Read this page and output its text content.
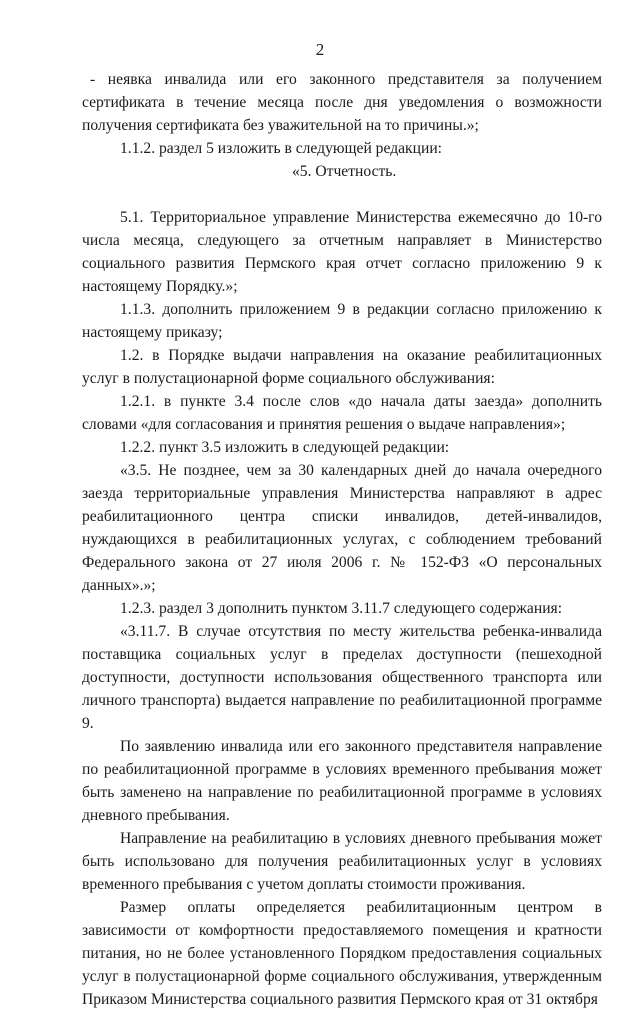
2

- неявка инвалида или его законного представителя за получением сертификата в течение месяца после дня уведомления о возможности получения сертификата без уважительной на то причины.»;

1.1.2. раздел 5 изложить в следующей редакции:

«5. Отчетность.

5.1. Территориальное управление Министерства ежемесячно до 10-го числа месяца, следующего за отчетным направляет в Министерство социального развития Пермского края отчет согласно приложению 9 к настоящему Порядку.»;

1.1.3. дополнить приложением 9 в редакции согласно приложению к настоящему приказу;

1.2. в Порядке выдачи направления на оказание реабилитационных услуг в полустационарной форме социального обслуживания:

1.2.1. в пункте 3.4 после слов «до начала даты заезда» дополнить словами «для согласования и принятия решения о выдаче направления»;

1.2.2. пункт 3.5 изложить в следующей редакции:

«3.5. Не позднее, чем за 30 календарных дней до начала очередного заезда территориальные управления Министерства направляют в адрес реабилитационного центра списки инвалидов, детей-инвалидов, нуждающихся в реабилитационных услугах, с соблюдением требований Федерального закона от 27 июля 2006 г. № 152-ФЗ «О персональных данных».»;

1.2.3. раздел 3 дополнить пунктом 3.11.7 следующего содержания:

«3.11.7. В случае отсутствия по месту жительства ребенка-инвалида поставщика социальных услуг в пределах доступности (пешеходной доступности, доступности использования общественного транспорта или личного транспорта) выдается направление по реабилитационной программе 9.

По заявлению инвалида или его законного представителя направление по реабилитационной программе в условиях временного пребывания может быть заменено на направление по реабилитационной программе в условиях дневного пребывания.

Направление на реабилитацию в условиях дневного пребывания может быть использовано для получения реабилитационных услуг в условиях временного пребывания с учетом доплаты стоимости проживания.

Размер оплаты определяется реабилитационным центром в зависимости от комфортности предоставляемого помещения и кратности питания, но не более установленного Порядком предоставления социальных услуг в полустационарной форме социального обслуживания, утвержденным Приказом Министерства социального развития Пермского края от 31 октября
